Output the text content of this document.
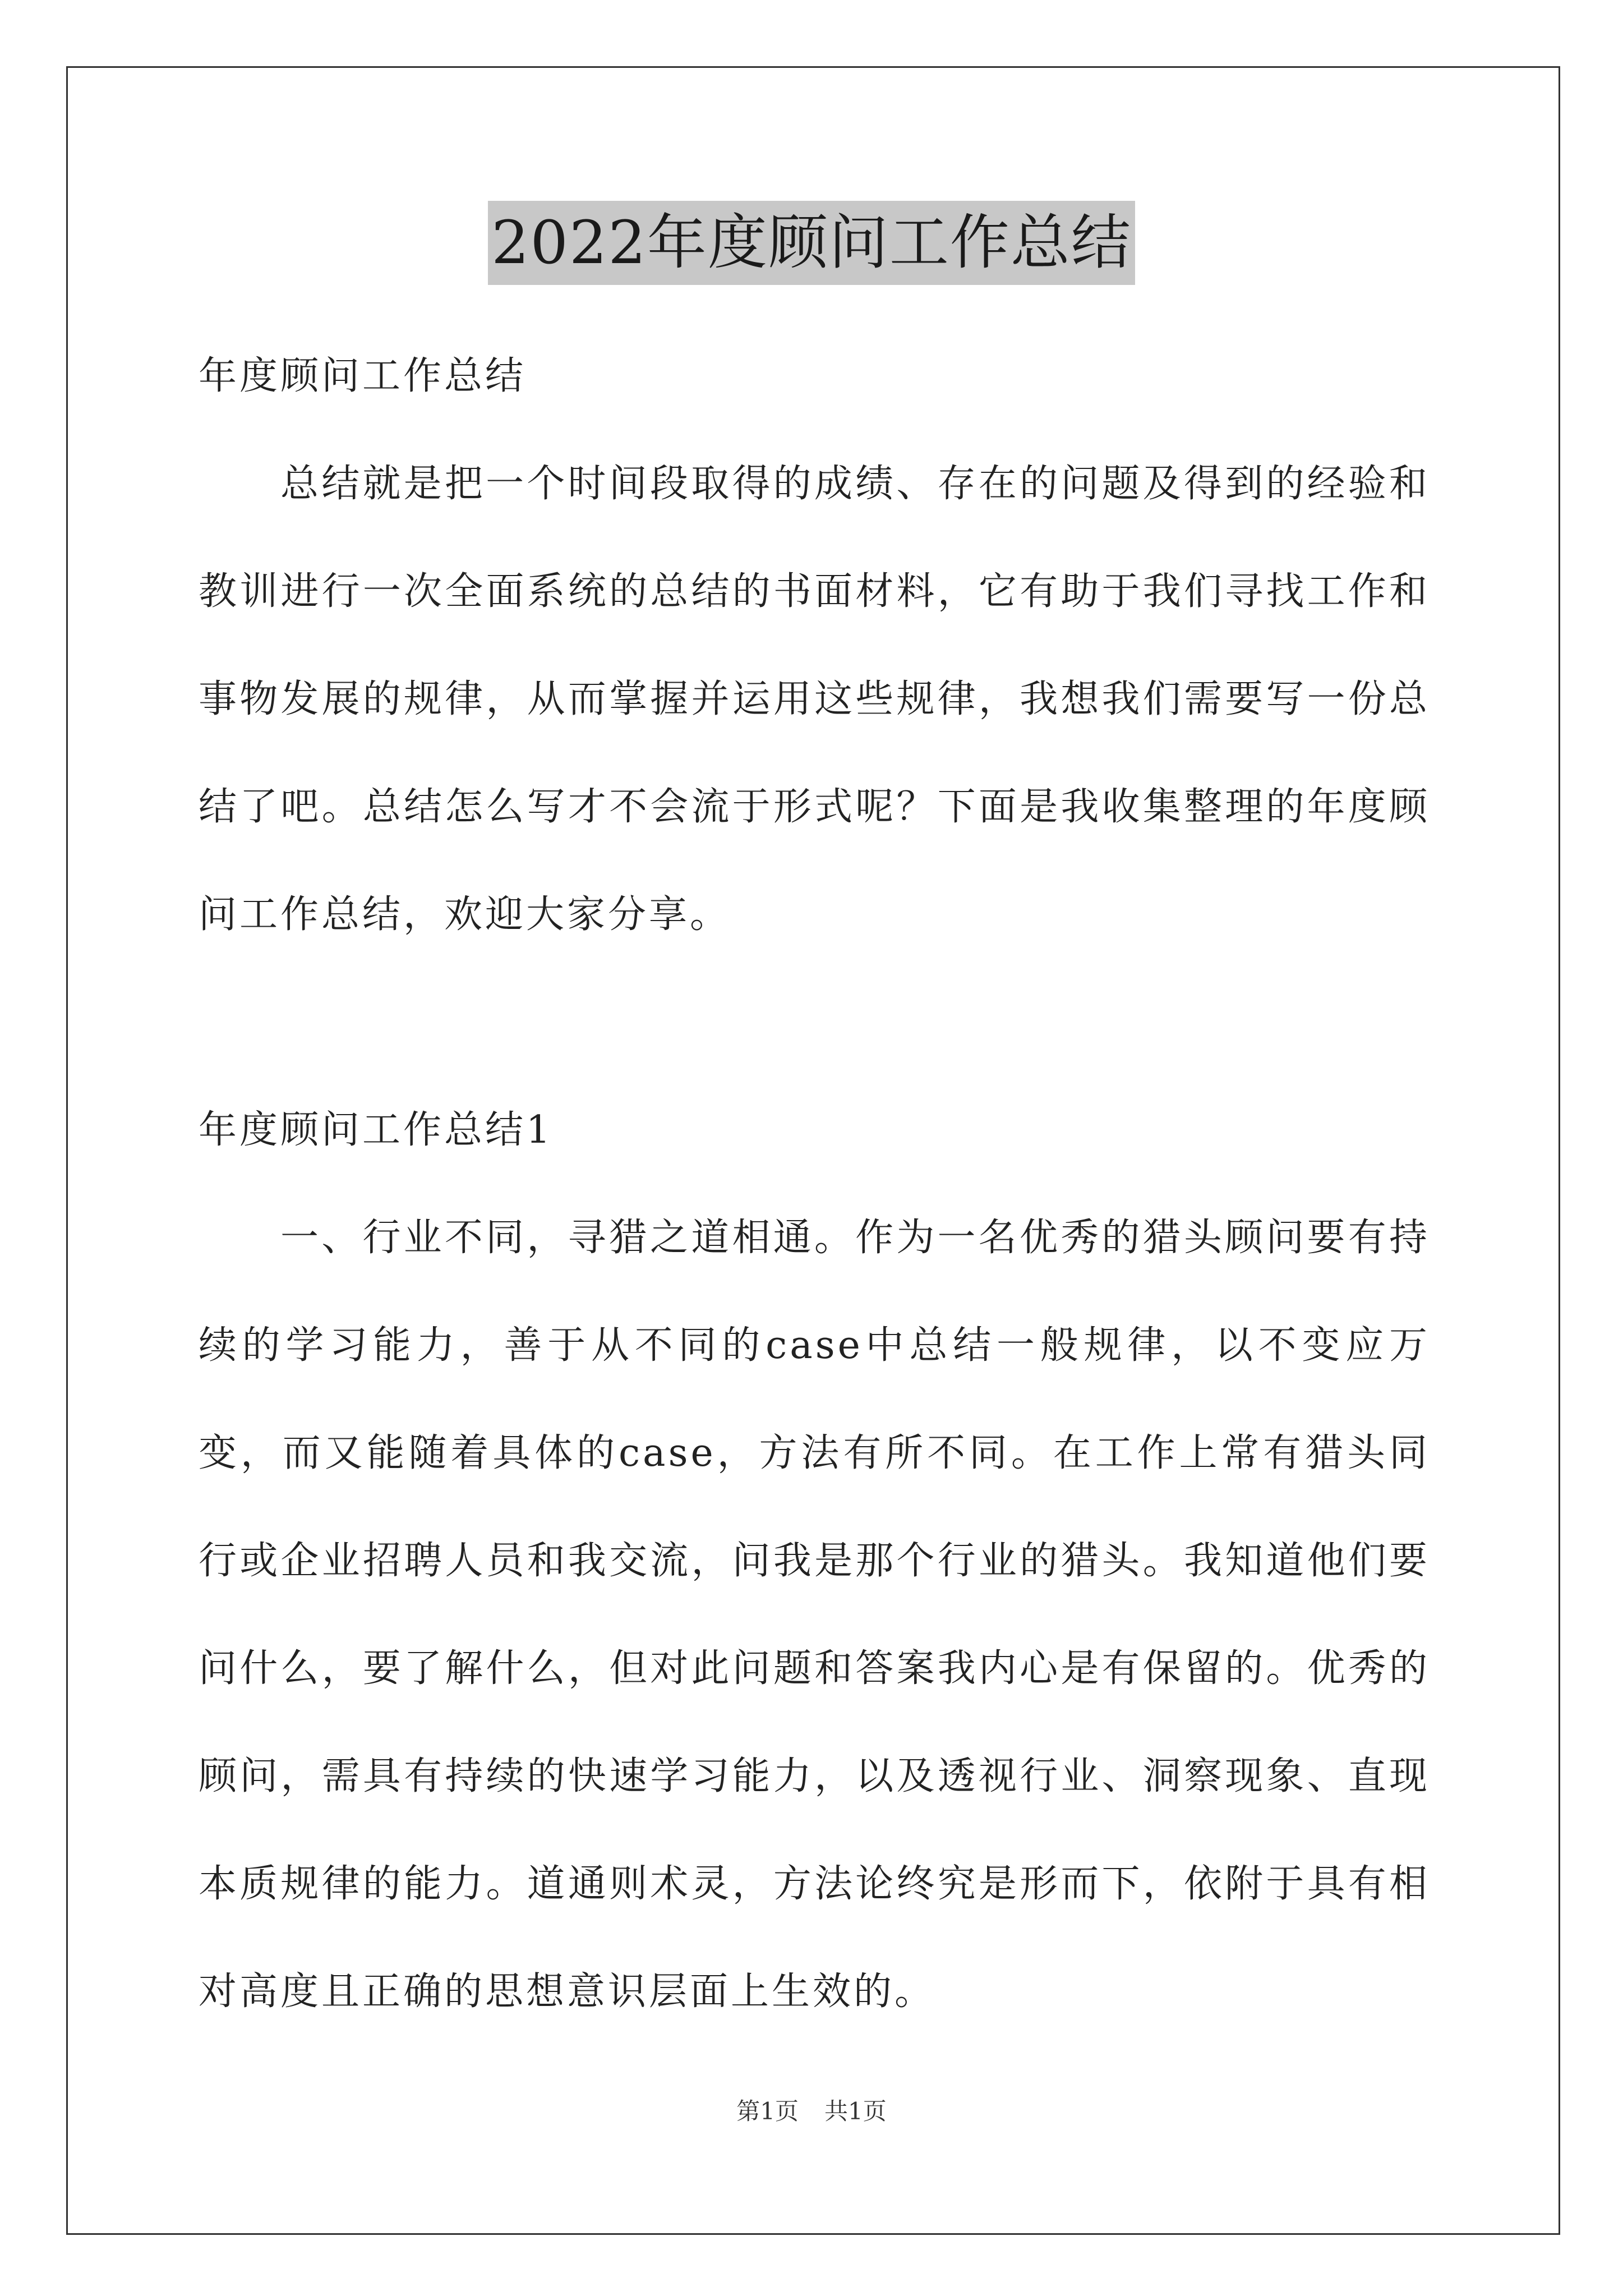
2022年度顾问工作总结

年度顾问工作总结

总结就是把一个时间段取得的成绩、存在的问题及得到的经验和教训进行一次全面系统的总结的书面材料，它有助于我们寻找工作和事物发展的规律，从而掌握并运用这些规律，我想我们需要写一份总结了吧。总结怎么写才不会流于形式呢？下面是我收集整理的年度顾问工作总结，欢迎大家分享。

年度顾问工作总结1

一、行业不同，寻猎之道相通。作为一名优秀的猎头顾问要有持续的学习能力，善于从不同的case中总结一般规律，以不变应万变，而又能随着具体的case，方法有所不同。在工作上常有猎头同行或企业招聘人员和我交流，问我是那个行业的猎头。我知道他们要问什么，要了解什么，但对此问题和答案我内心是有保留的。优秀的顾问，需具有持续的快速学习能力，以及透视行业、洞察现象、直现本质规律的能力。道通则术灵，方法论终究是形而下，依附于具有相对高度且正确的思想意识层面上生效的。

第1页 共1页
